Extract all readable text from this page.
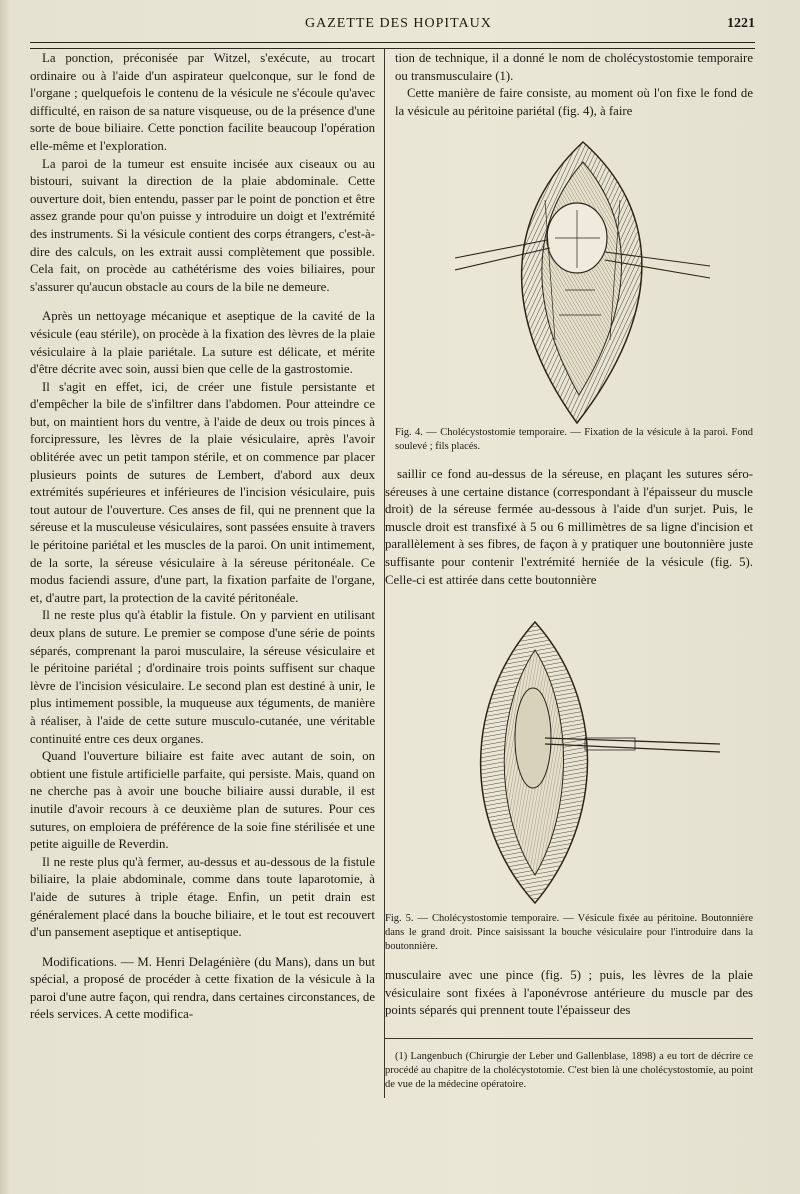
GAZETTE DES HOPITAUX	1221

La ponction, préconisée par Witzel, s'exécute, au trocart ordinaire ou à l'aide d'un aspirateur quelconque, sur le fond de l'organe ; quelquefois le contenu de la vésicule ne s'écoule qu'avec difficulté, en raison de sa nature visqueuse, ou de la présence d'une sorte de boue biliaire. Cette ponction facilite beaucoup l'opération elle-même et l'exploration.

La paroi de la tumeur est ensuite incisée aux ciseaux ou au bistouri, suivant la direction de la plaie abdominale. Cette ouverture doit, bien entendu, passer par le point de ponction et être assez grande pour qu'on puisse y introduire un doigt et l'extrémité des instruments. Si la vésicule contient des corps étrangers, c'est-à-dire des calculs, on les extrait aussi complètement que possible. Cela fait, on procède au cathétérisme des voies biliaires, pour s'assurer qu'aucun obstacle au cours de la bile ne demeure.

Après un nettoyage mécanique et aseptique de la cavité de la vésicule (eau stérile), on procède à la fixation des lèvres de la plaie vésiculaire à la plaie pariétale. La suture est délicate, et mérite d'être décrite avec soin, aussi bien que celle de la gastrostomie.

Il s'agit en effet, ici, de créer une fistule persistante et d'empêcher la bile de s'infiltrer dans l'abdomen. Pour atteindre ce but, on maintient hors du ventre, à l'aide de deux ou trois pinces à forcipressure, les lèvres de la plaie vésiculaire, après l'avoir oblitérée avec un petit tampon stérile, et on commence par placer plusieurs points de sutures de Lembert, d'abord aux deux extrémités supérieures et inférieures de l'incision vésiculaire, puis tout autour de l'ouverture. Ces anses de fil, qui ne prennent que la séreuse et la musculeuse vésiculaires, sont passées ensuite à travers le péritoine pariétal et les muscles de la paroi. On unit intimement, de la sorte, la séreuse vésiculaire à la séreuse péritonéale. Ce modus faciendi assure, d'une part, la fixation parfaite de l'organe, et, d'autre part, la protection de la cavité péritonéale.

Il ne reste plus qu'à établir la fistule. On y parvient en utilisant deux plans de suture. Le premier se compose d'une série de points séparés, comprenant la paroi musculaire, la séreuse vésiculaire et le péritoine pariétal ; d'ordinaire trois points suffisent sur chaque lèvre de l'incision vésiculaire. Le second plan est destiné à unir, le plus intimement possible, la muqueuse aux téguments, de manière à réaliser, à l'aide de cette suture musculo-cutanée, une véritable continuité entre ces deux organes.

Quand l'ouverture biliaire est faite avec autant de soin, on obtient une fistule artificielle parfaite, qui persiste. Mais, quand on ne cherche pas à avoir une bouche biliaire aussi durable, il est inutile d'avoir recours à ce deuxième plan de sutures. Pour ces sutures, on emploiera de préférence de la soie fine stérilisée et une petite aiguille de Reverdin.

Il ne reste plus qu'à fermer, au-dessus et au-dessous de la fistule biliaire, la plaie abdominale, comme dans toute laparotomie, à l'aide de sutures à triple étage. Enfin, un petit drain est généralement placé dans la bouche biliaire, et le tout est recouvert d'un pansement aseptique et antiseptique.

Modifications. — M. Henri Delagénière (du Mans), dans un but spécial, a proposé de procéder à cette fixation de la vésicule à la paroi d'une autre façon, qui rendra, dans certaines circonstances, de réels services. A cette modifica-

tion de technique, il a donné le nom de cholécystostomie temporaire ou transmusculaire (1).

Cette manière de faire consiste, au moment où l'on fixe le fond de la vésicule au péritoine pariétal (fig. 4), à faire

Fig. 4. — Cholécystostomie temporaire. — Fixation de la vésicule à la paroi. Fond soulevé ; fils placés.

saillir ce fond au-dessus de la séreuse, en plaçant les sutures séro-séreuses à une certaine distance (correspondant à l'épaisseur du muscle droit) de la séreuse fermée au-dessous à l'aide d'un surjet. Puis, le muscle droit est transfixé à 5 ou 6 millimètres de sa ligne d'incision et parallèlement à ses fibres, de façon à y pratiquer une boutonnière juste suffisante pour contenir l'extrémité herniée de la vésicule (fig. 5). Celle-ci est attirée dans cette boutonnière

Fig. 5. — Cholécystostomie temporaire. — Vésicule fixée au péritoine. Boutonnière dans le grand droit. Pince saisissant la bouche vésiculaire pour l'introduire dans la boutonnière.

musculaire avec une pince (fig. 5) ; puis, les lèvres de la plaie vésiculaire sont fixées à l'aponévrose antérieure du muscle par des points séparés qui prennent toute l'épaisseur des

(1) Langenbuch (Chirurgie der Leber und Gallenblase, 1898) a eu tort de décrire ce procédé au chapitre de la cholécystotomie. C'est bien là une cholécystostomie, au point de vue de la médecine opératoire.
